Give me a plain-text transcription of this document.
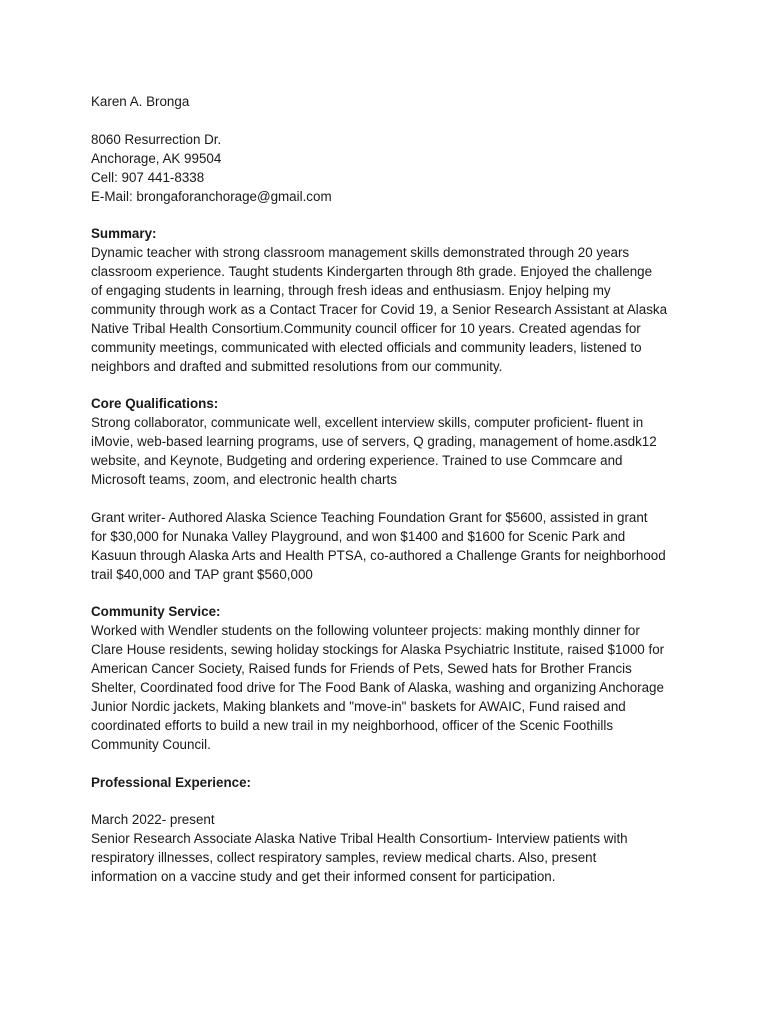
Karen A. Bronga
8060 Resurrection Dr.
Anchorage, AK 99504
Cell: 907 441-8338
E-Mail: brongaforanchorage@gmail.com
Summary:
Dynamic teacher with strong classroom management skills demonstrated through 20 years
classroom experience. Taught students Kindergarten through 8th grade. Enjoyed the challenge
of engaging students in learning, through fresh ideas and enthusiasm. Enjoy helping my
community through work as a Contact Tracer for Covid 19, a Senior Research Assistant at Alaska
Native Tribal Health Consortium.Community council officer for 10 years. Created agendas for
community meetings, communicated with elected officials and community leaders, listened to
neighbors and drafted and submitted resolutions from our community.
Core Qualifications:
Strong collaborator, communicate well, excellent interview skills, computer proficient- fluent in
iMovie, web-based learning programs, use of servers, Q grading, management of home.asdk12
website, and Keynote, Budgeting and ordering experience. Trained to use Commcare and
Microsoft teams, zoom, and electronic health charts
Grant writer- Authored Alaska Science Teaching Foundation Grant for $5600, assisted in grant
for $30,000 for Nunaka Valley Playground, and won $1400 and $1600 for Scenic Park and
Kasuun through Alaska Arts and Health PTSA, co-authored a Challenge Grants for neighborhood
trail $40,000 and TAP grant $560,000
Community Service:
Worked with Wendler students on the following volunteer projects: making monthly dinner for
Clare House residents, sewing holiday stockings for Alaska Psychiatric Institute, raised $1000 for
American Cancer Society, Raised funds for Friends of Pets, Sewed hats for Brother Francis
Shelter, Coordinated food drive for The Food Bank of Alaska, washing and organizing Anchorage
Junior Nordic jackets, Making blankets and "move-in" baskets for AWAIC, Fund raised and
coordinated efforts to build a new trail in my neighborhood, officer of the Scenic Foothills
Community Council.
Professional Experience:
March 2022- present
Senior Research Associate Alaska Native Tribal Health Consortium- Interview patients with
respiratory illnesses, collect respiratory samples, review medical charts. Also, present
information on a vaccine study and get their informed consent for participation.
